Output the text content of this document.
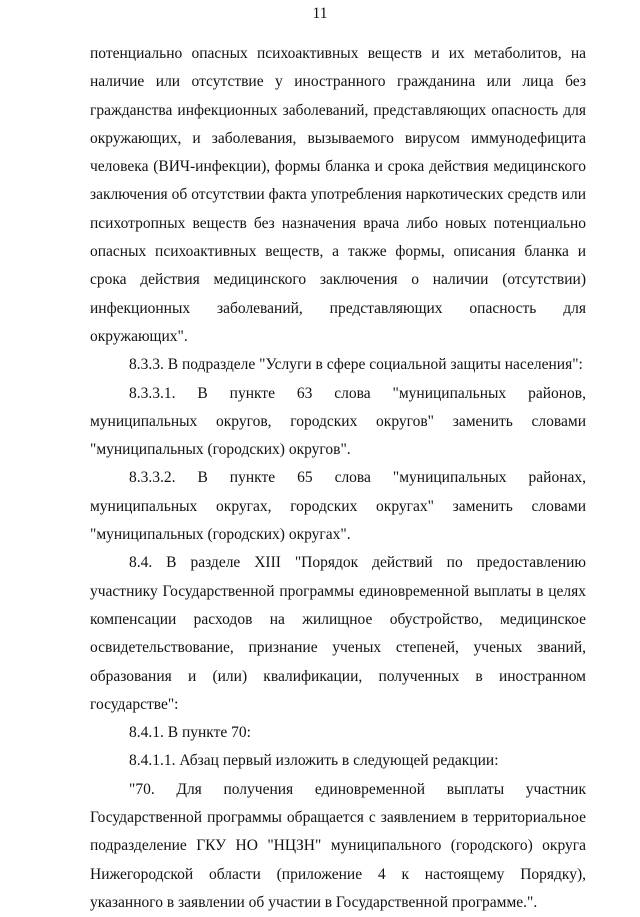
11

потенциально опасных психоактивных веществ и их метаболитов, на наличие или отсутствие у иностранного гражданина или лица без гражданства инфекционных заболеваний, представляющих опасность для окружающих, и заболевания, вызываемого вирусом иммунодефицита человека (ВИЧ-инфекции), формы бланка и срока действия медицинского заключения об отсутствии факта употребления наркотических средств или психотропных веществ без назначения врача либо новых потенциально опасных психоактивных веществ, а также формы, описания бланка и срока действия медицинского заключения о наличии (отсутствии) инфекционных заболеваний, представляющих опасность для окружающих".

8.3.3. В подразделе "Услуги в сфере социальной защиты населения":

8.3.3.1. В пункте 63 слова "муниципальных районов, муниципальных округов, городских округов" заменить словами "муниципальных (городских) округов".

8.3.3.2. В пункте 65 слова "муниципальных районах, муниципальных округах, городских округах" заменить словами "муниципальных (городских) округах".

8.4. В разделе XIII "Порядок действий по предоставлению участнику Государственной программы единовременной выплаты в целях компенсации расходов на жилищное обустройство, медицинское освидетельствование, признание ученых степеней, ученых званий, образования и (или) квалификации, полученных в иностранном государстве":

8.4.1. В пункте 70:

8.4.1.1. Абзац первый изложить в следующей редакции:

"70. Для получения единовременной выплаты участник Государственной программы обращается с заявлением в территориальное подразделение ГКУ НО "НЦЗН" муниципального (городского) округа Нижегородской области (приложение 4 к настоящему Порядку), указанного в заявлении об участии в Государственной программе.".
